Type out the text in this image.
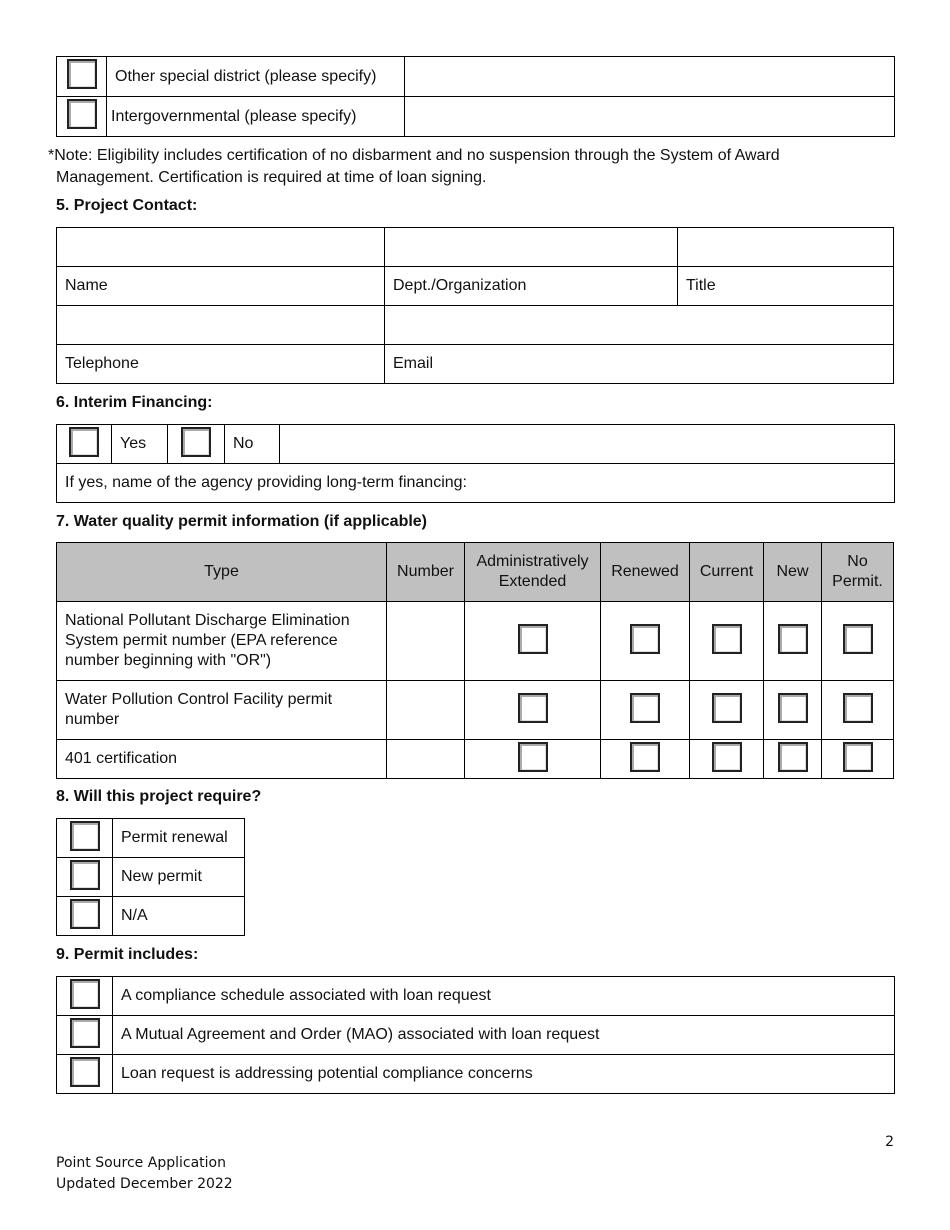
	Other special district (please specify)	
	Intergovernmental (please specify)	
*Note: Eligibility includes certification of no disbarment and no suspension through the System of Award
Management. Certification is required at time of loan signing.
5. Project Contact:

Name	Dept./Organization	Title

Telephone	Email	
6. Interim Financing:
	Yes		No	
If yes, name of the agency providing long-term financing:
7. Water quality permit information (if applicable)
Type	Number	Administratively Extended	Renewed	Current	New	No Permit.
National Pollutant Discharge Elimination System permit number (EPA reference number beginning with "OR")						
Water Pollution Control Facility permit number						
401 certification						
8. Will this project require?
	Permit renewal
	New permit
	N/A
9. Permit includes:
	A compliance schedule associated with loan request
	A Mutual Agreement and Order (MAO) associated with loan request
	Loan request is addressing potential compliance concerns
2
Point Source Application
Updated December 2022
